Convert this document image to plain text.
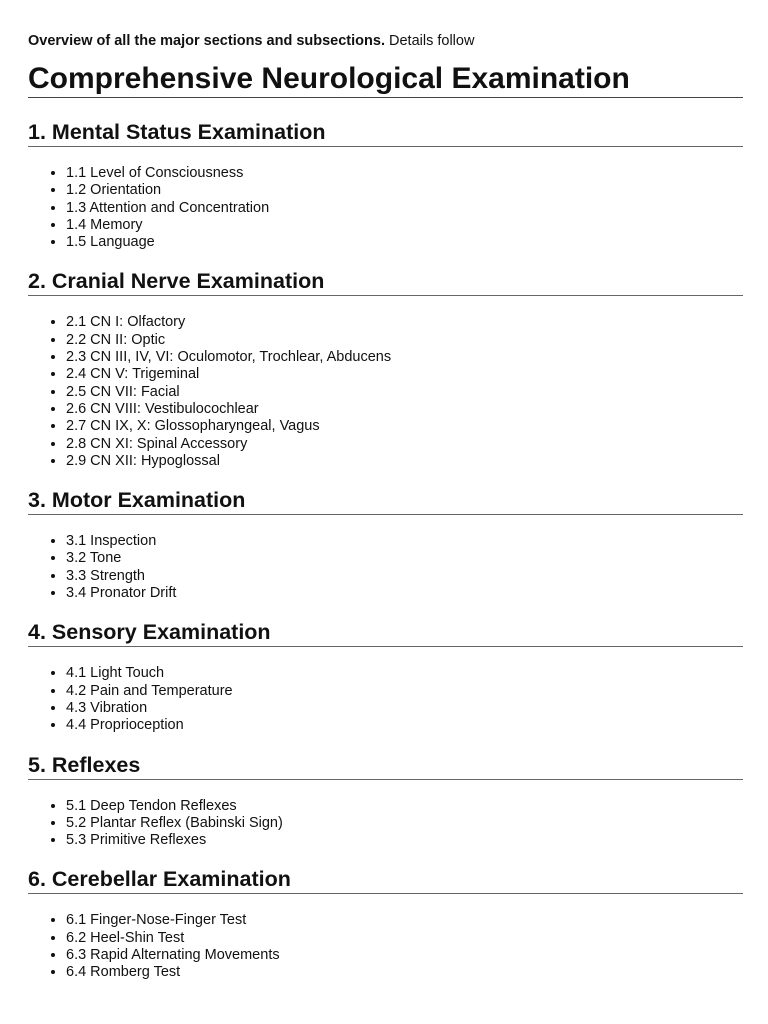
Overview of all the major sections and subsections. Details follow

Comprehensive Neurological Examination
1. Mental Status Examination
• 1.1 Level of Consciousness
• 1.2 Orientation
• 1.3 Attention and Concentration
• 1.4 Memory
• 1.5 Language
2. Cranial Nerve Examination
• 2.1 CN I: Olfactory
• 2.2 CN II: Optic
• 2.3 CN III, IV, VI: Oculomotor, Trochlear, Abducens
• 2.4 CN V: Trigeminal
• 2.5 CN VII: Facial
• 2.6 CN VIII: Vestibulocochlear
• 2.7 CN IX, X: Glossopharyngeal, Vagus
• 2.8 CN XI: Spinal Accessory
• 2.9 CN XII: Hypoglossal
3. Motor Examination
• 3.1 Inspection
• 3.2 Tone
• 3.3 Strength
• 3.4 Pronator Drift
4. Sensory Examination
• 4.1 Light Touch
• 4.2 Pain and Temperature
• 4.3 Vibration
• 4.4 Proprioception
5. Reflexes
• 5.1 Deep Tendon Reflexes
• 5.2 Plantar Reflex (Babinski Sign)
• 5.3 Primitive Reflexes
6. Cerebellar Examination
• 6.1 Finger-Nose-Finger Test
• 6.2 Heel-Shin Test
• 6.3 Rapid Alternating Movements
• 6.4 Romberg Test
